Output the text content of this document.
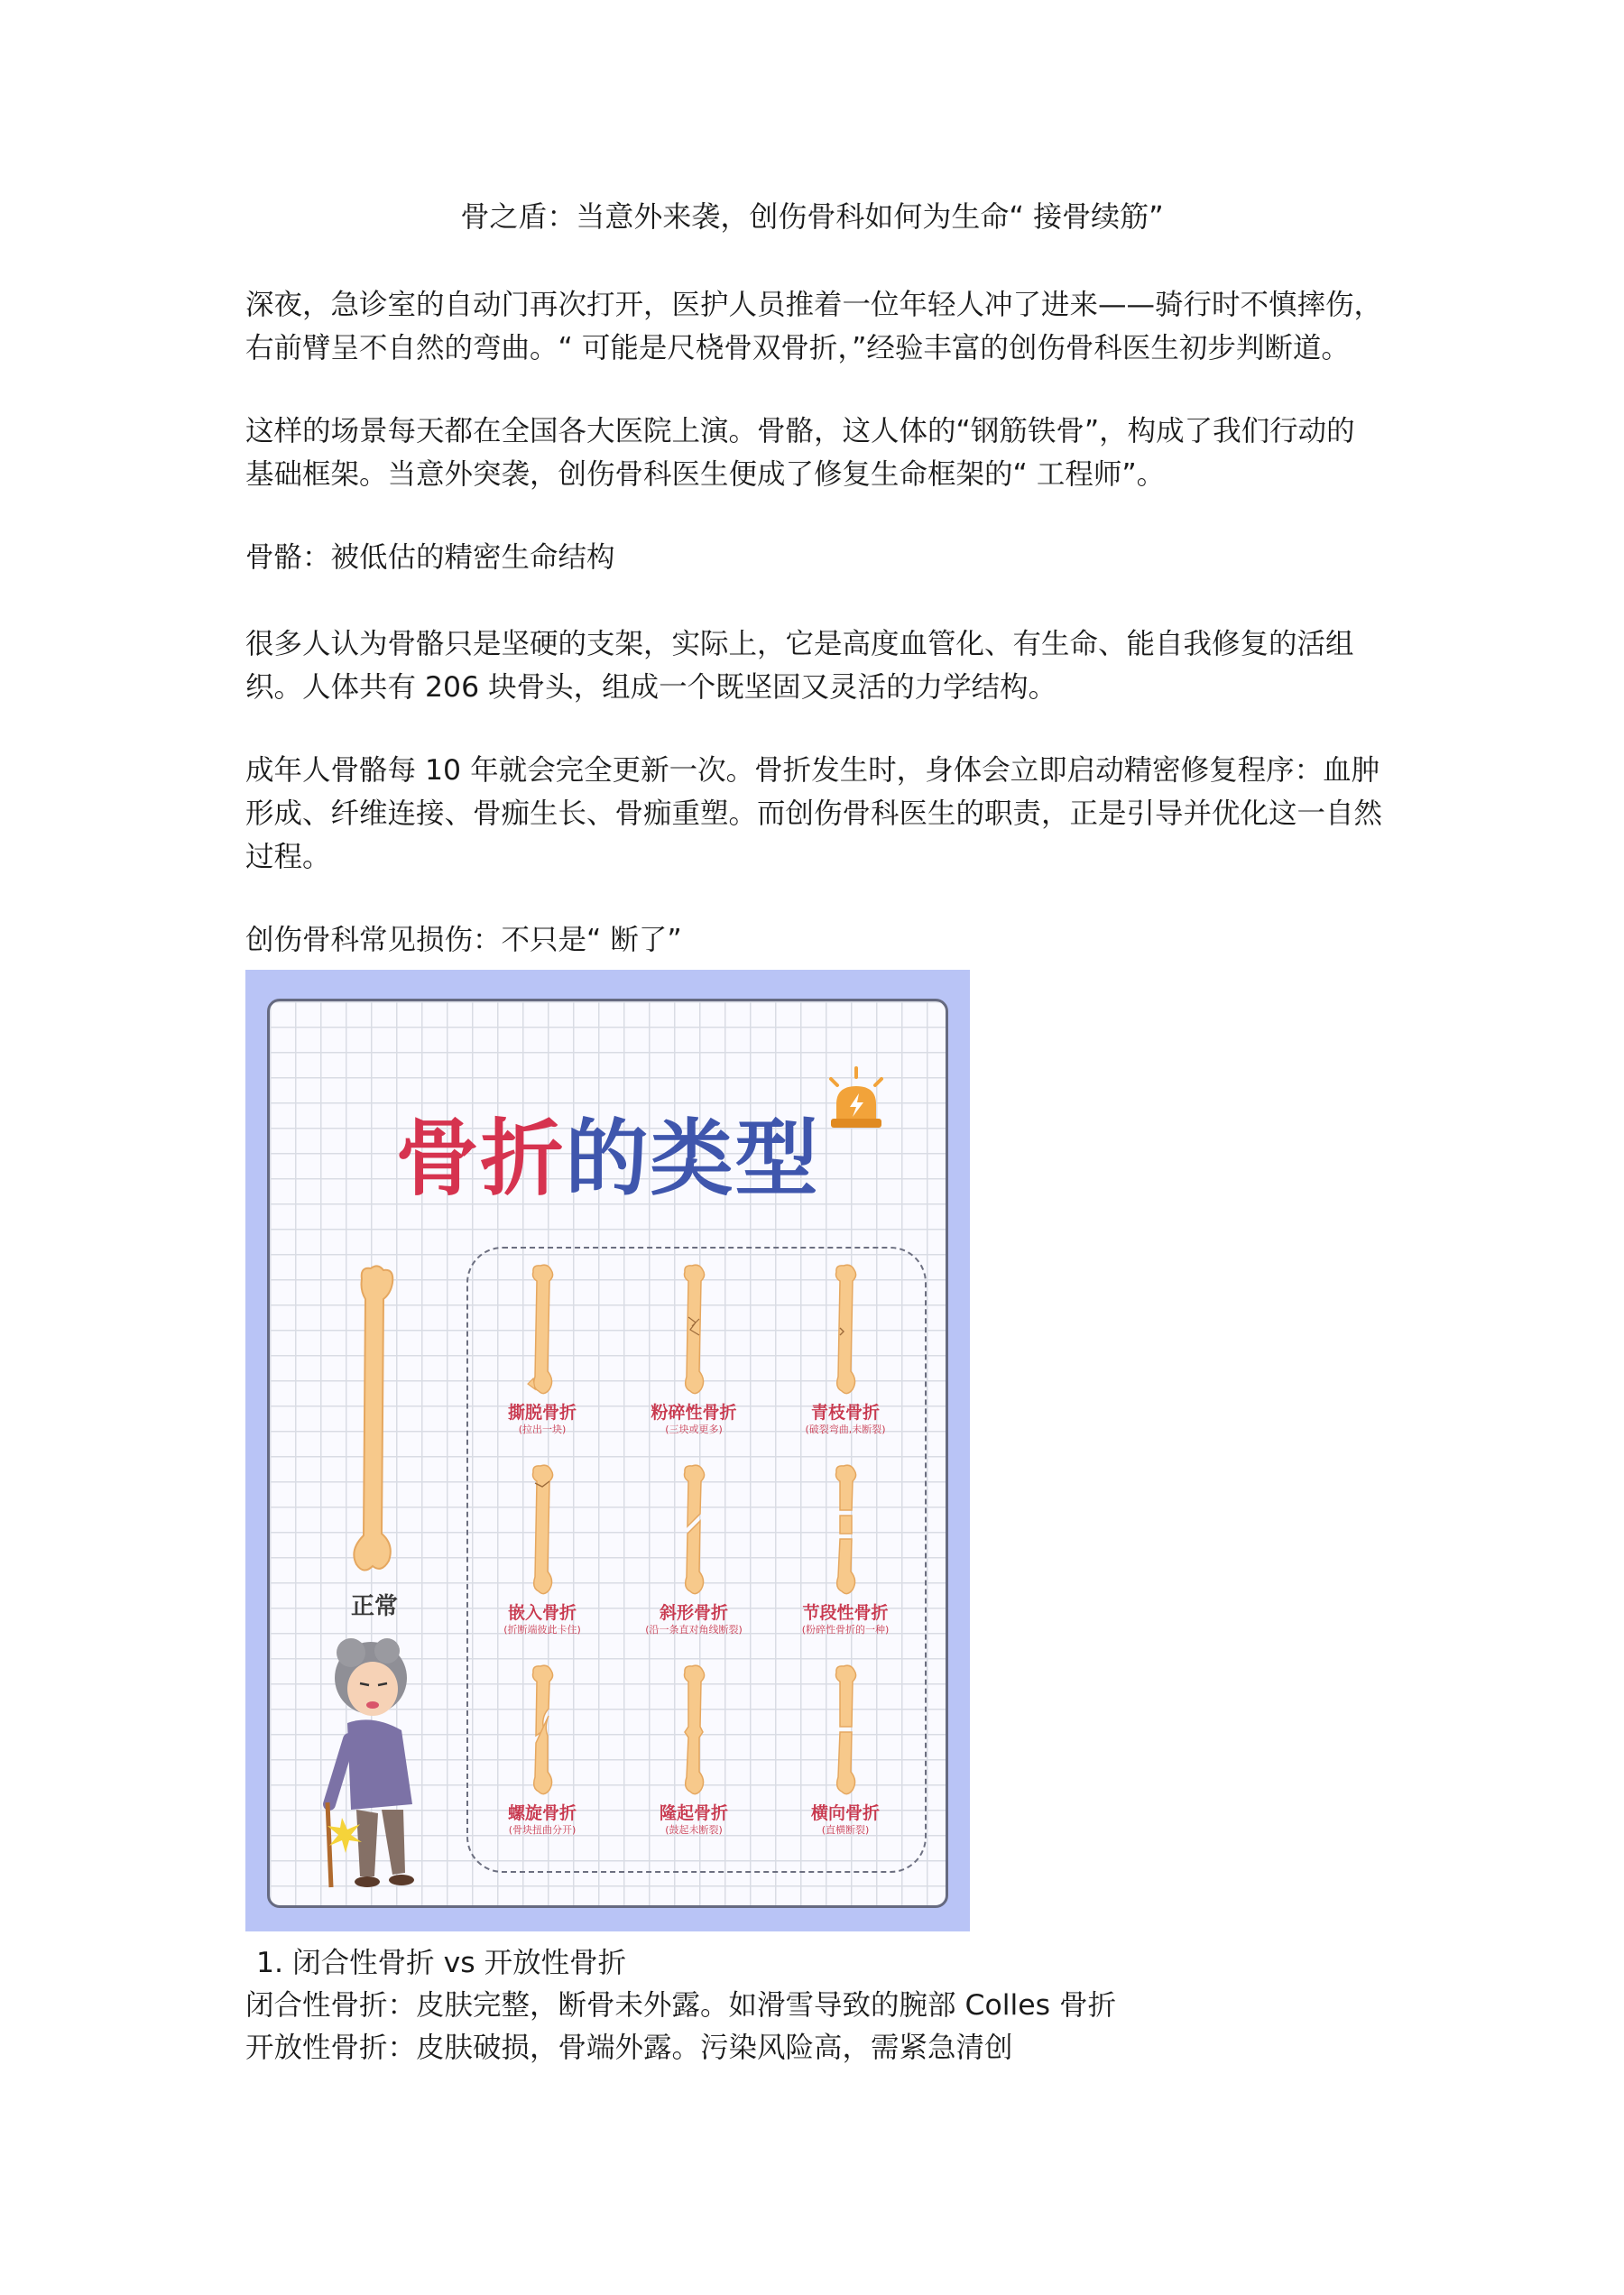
骨之盾：当意外来袭，创伤骨科如何为生命“ 接骨续筋”

深夜，急诊室的自动门再次打开，医护人员推着一位年轻人冲了进来——骑行时不慎摔伤，右前臂呈不自然的弯曲。“ 可能是尺桡骨双骨折，”经验丰富的创伤骨科医生初步判断道。

这样的场景每天都在全国各大医院上演。骨骼，这人体的“钢筋铁骨”，构成了我们行动的基础框架。当意外突袭，创伤骨科医生便成了修复生命框架的“ 工程师”。

骨骼：被低估的精密生命结构

很多人认为骨骼只是坚硬的支架，实际上，它是高度血管化、有生命、能自我修复的活组织。人体共有 206 块骨头，组成一个既坚固又灵活的力学结构。

成年人骨骼每 10 年就会完全更新一次。骨折发生时，身体会立即启动精密修复程序：血肿形成、纤维连接、骨痂生长、骨痂重塑。而创伤骨科医生的职责，正是引导并优化这一自然过程。

创伤骨科常见损伤：不只是“ 断了”

骨折的类型
正常
撕脱骨折
(拉出一块)
粉碎性骨折
(三块或更多)
青枝骨折
(破裂弯曲,未断裂)
嵌入骨折
(折断端彼此卡住)
斜形骨折
(沿一条直对角线断裂)
节段性骨折
(粉碎性骨折的一种)
螺旋骨折
(骨块扭曲分开)
隆起骨折
(鼓起未断裂)
横向骨折
(直横断裂)

1. 闭合性骨折 vs 开放性骨折

闭合性骨折：皮肤完整，断骨未外露。如滑雪导致的腕部 Colles 骨折

开放性骨折：皮肤破损，骨端外露。污染风险高，需紧急清创
